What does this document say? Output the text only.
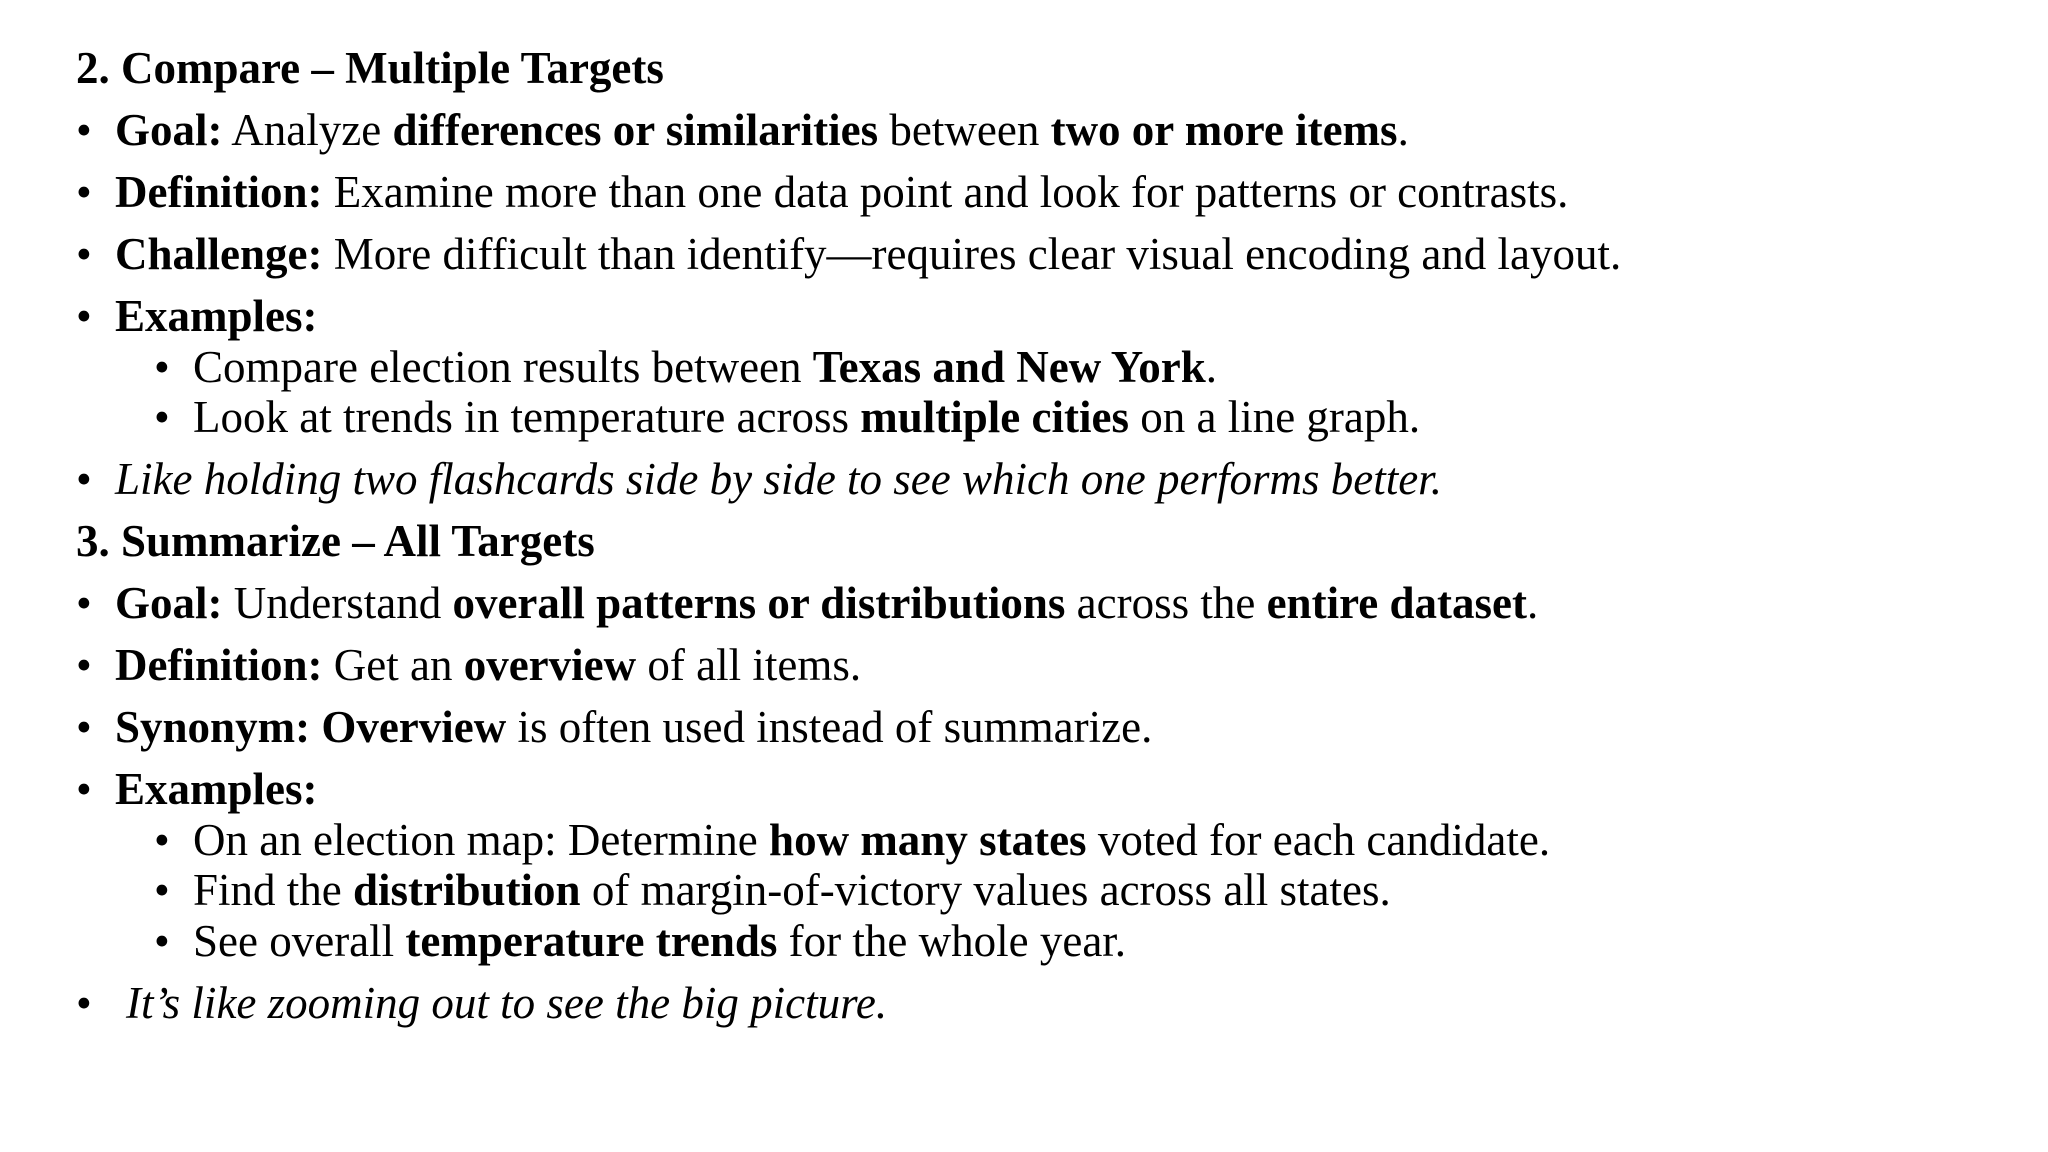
2. Compare – Multiple Targets
• Goal: Analyze differences or similarities between two or more items.
• Definition: Examine more than one data point and look for patterns or contrasts.
• Challenge: More difficult than identify—requires clear visual encoding and layout.
• Examples:
• Compare election results between Texas and New York.
• Look at trends in temperature across multiple cities on a line graph.
• Like holding two flashcards side by side to see which one performs better.
3. Summarize – All Targets
• Goal: Understand overall patterns or distributions across the entire dataset.
• Definition: Get an overview of all items.
• Synonym: Overview is often used instead of summarize.
• Examples:
• On an election map: Determine how many states voted for each candidate.
• Find the distribution of margin-of-victory values across all states.
• See overall temperature trends for the whole year.
• It’s like zooming out to see the big picture.
